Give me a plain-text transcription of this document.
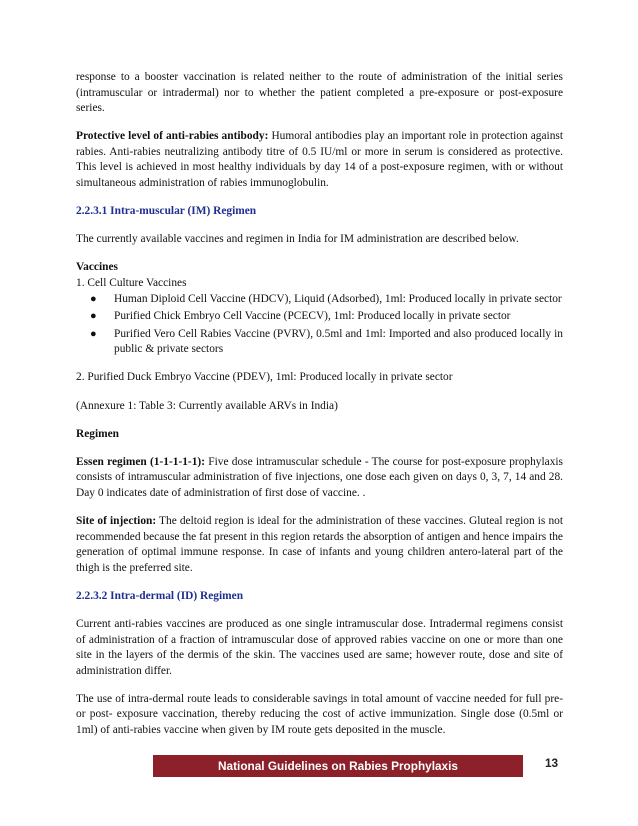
response to a booster vaccination is related neither to the route of administration of the initial series (intramuscular or intradermal) nor to whether the patient completed a pre-exposure or post-exposure series.

Protective level of anti-rabies antibody: Humoral antibodies play an important role in protection against rabies. Anti-rabies neutralizing antibody titre of 0.5 IU/ml or more in serum is considered as protective. This level is achieved in most healthy individuals by day 14 of a post-exposure regimen, with or without simultaneous administration of rabies immunoglobulin.

2.2.3.1 Intra-muscular (IM) Regimen

The currently available vaccines and regimen in India for IM administration are described below.

Vaccines

1. Cell Culture Vaccines

● Human Diploid Cell Vaccine (HDCV), Liquid (Adsorbed), 1ml: Produced locally in private sector
● Purified Chick Embryo Cell Vaccine (PCECV), 1ml: Produced locally in private sector
● Purified Vero Cell Rabies Vaccine (PVRV), 0.5ml and 1ml: Imported and also produced locally in public & private sectors

2. Purified Duck Embryo Vaccine (PDEV), 1ml: Produced locally in private sector

(Annexure 1: Table 3: Currently available ARVs in India)

Regimen

Essen regimen (1-1-1-1-1): Five dose intramuscular schedule - The course for post-exposure prophylaxis consists of intramuscular administration of five injections, one dose each given on days 0, 3, 7, 14 and 28. Day 0 indicates date of administration of first dose of vaccine. .

Site of injection: The deltoid region is ideal for the administration of these vaccines. Gluteal region is not recommended because the fat present in this region retards the absorption of antigen and hence impairs the generation of optimal immune response. In case of infants and young children antero-lateral part of the thigh is the preferred site.

2.2.3.2 Intra-dermal (ID) Regimen

Current anti-rabies vaccines are produced as one single intramuscular dose. Intradermal regimens consist of administration of a fraction of intramuscular dose of approved rabies vaccine on one or more than one site in the layers of the dermis of the skin. The vaccines used are same; however route, dose and site of administration differ.

The use of intra-dermal route leads to considerable savings in total amount of vaccine needed for full pre- or post- exposure vaccination, thereby reducing the cost of active immunization. Single dose (0.5ml or 1ml) of anti-rabies vaccine when given by IM route gets deposited in the muscle.

National Guidelines on Rabies Prophylaxis	13
